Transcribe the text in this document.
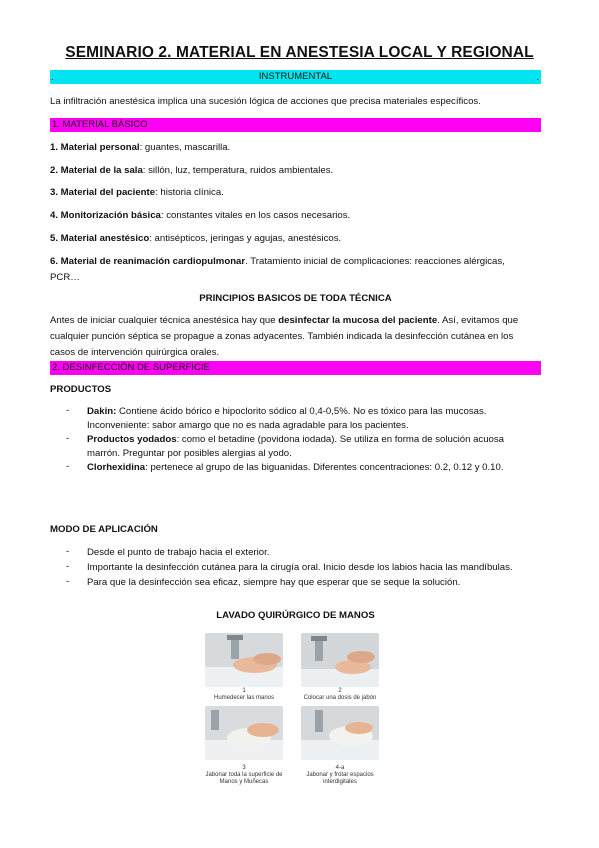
SEMINARIO 2. MATERIAL EN ANESTESIA LOCAL Y REGIONAL
.	INSTRUMENTAL	.
La infiltración anestésica implica una sucesión lógica de acciones que precisa materiales específicos.
1. MATERIAL BÁSICO
1. Material personal: guantes, mascarilla.
2. Material de la sala: sillón, luz, temperatura, ruidos ambientales.
3. Material del paciente: historia clínica.
4. Monitorización básica: constantes vitales en los casos necesarios.
5. Material anestésico: antisépticos, jeringas y agujas, anestésicos.
6. Material de reanimación cardiopulmonar. Tratamiento inicial de complicaciones: reacciones alérgicas,
PCR…
PRINCIPIOS BASICOS DE TODA TÉCNICA
Antes de iniciar cualquier técnica anestésica hay que desinfectar la mucosa del paciente. Así, evitamos que
cualquier punción séptica se propague a zonas adyacentes. También indicada la desinfección cutánea en los
casos de intervención quirúrgica orales.
2. DESINFECCIÓN DE SUPERFICIE	.
PRODUCTOS
- Dakin: Contiene ácido bórico e hipoclorito sódico al 0,4-0,5%. No es tóxico para las mucosas.
Inconveniente: sabor amargo que no es nada agradable para los pacientes.
- Productos yodados: como el betadine (povidona iodada). Se utiliza en forma de solución acuosa
marrón. Preguntar por posibles alergias al yodo.
- Clorhexidina: pertenece al grupo de las biguanidas. Diferentes concentraciones: 0.2, 0.12 y 0.10.
MODO DE APLICACIÓN
- Desde el punto de trabajo hacia el exterior.
- Importante la desinfección cutánea para la cirugía oral. Inicio desde los labios hacia las mandíbulas.
- Para que la desinfección sea eficaz, siempre hay que esperar que se seque la solución.
LAVADO QUIRÚRGICO DE MANOS
1
Humedecer las manos
2
Colocar una dosis de jabón
3
Jabonar toda la superficie de Manos y Muñecas
4-a
Jabonar y frotar espacios interdigitales
